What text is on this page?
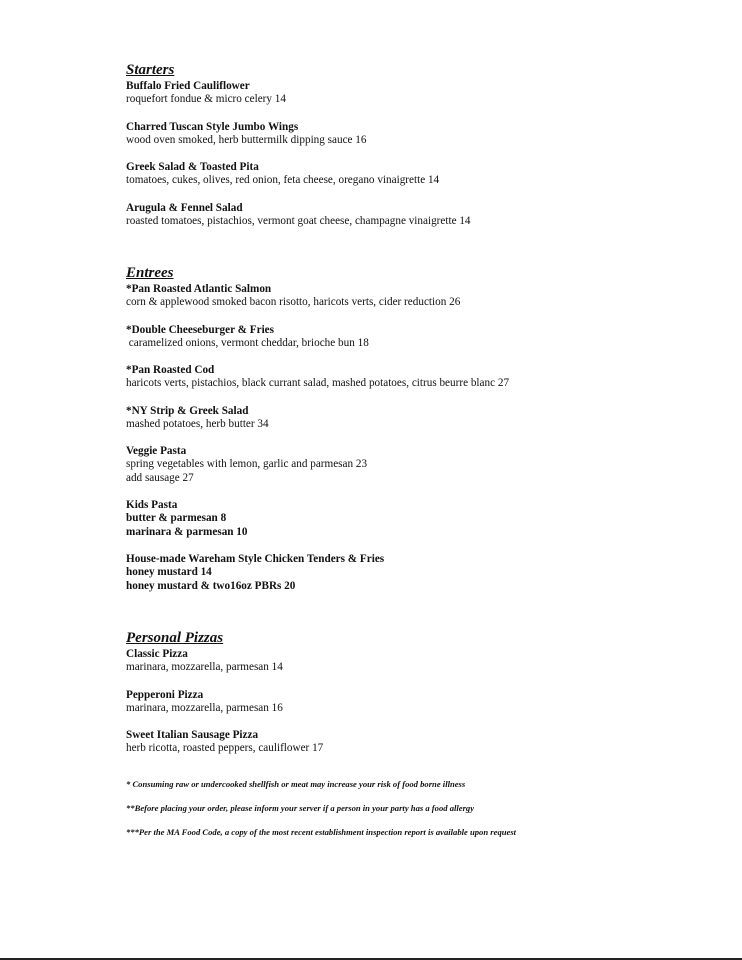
Starters
Buffalo Fried Cauliflower
roquefort fondue & micro celery 14
Charred Tuscan Style Jumbo Wings
wood oven smoked, herb buttermilk dipping sauce 16
Greek Salad & Toasted Pita
tomatoes, cukes, olives, red onion, feta cheese, oregano vinaigrette 14
Arugula & Fennel Salad
roasted tomatoes, pistachios, vermont goat cheese, champagne vinaigrette 14
Entrees
*Pan Roasted Atlantic Salmon
corn & applewood smoked bacon risotto, haricots verts, cider reduction 26
*Double Cheeseburger & Fries
caramelized onions, vermont cheddar, brioche bun 18
*Pan Roasted Cod
haricots verts, pistachios, black currant salad, mashed potatoes, citrus beurre blanc 27
*NY Strip & Greek Salad
mashed potatoes, herb butter 34
Veggie Pasta
spring vegetables with lemon, garlic and parmesan 23
add sausage 27
Kids Pasta
butter & parmesan 8
marinara & parmesan 10
House-made Wareham Style Chicken Tenders & Fries
honey mustard 14
honey mustard & two16oz PBRs 20
Personal Pizzas
Classic Pizza
marinara, mozzarella, parmesan 14
Pepperoni Pizza
marinara, mozzarella, parmesan 16
Sweet Italian Sausage Pizza
herb ricotta, roasted peppers, cauliflower 17
* Consuming raw or undercooked shellfish or meat may increase your risk of food borne illness
**Before placing your order, please inform your server if a person in your party has a food allergy
***Per the MA Food Code, a copy of the most recent establishment inspection report is available upon request
